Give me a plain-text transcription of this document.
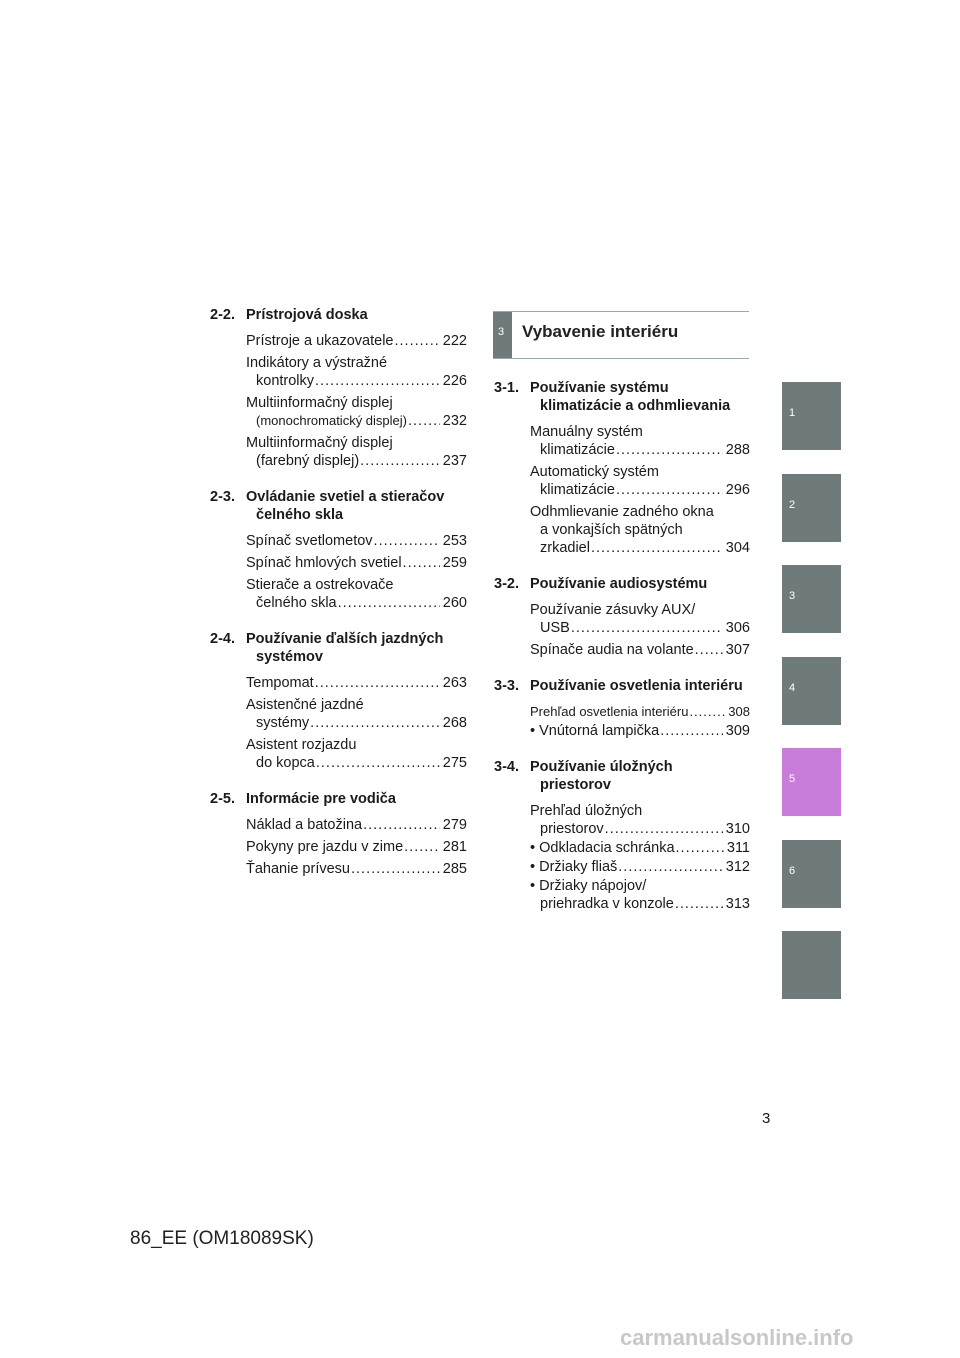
2-2. Prístrojová doska
Prístroje a ukazovatele .....	222
Indikátory a výstražné
kontrolky .....	226
Multiinformačný displej
(monochromatický displej) ..... 232
Multiinformačný displej
(farebný displej) .....	237
2-3. Ovládanie svetiel a stieračov
čelného skla
Spínač svetlometov .....	253
Spínač hmlových svetiel .....	259
Stierače a ostrekovače
čelného skla .....	260
2-4. Používanie ďalších jazdných
systémov
Tempomat .....	263
Asistenčné jazdné
systémy .....	268
Asistent rozjazdu
do kopca .....	275
2-5. Informácie pre vodiča
Náklad a batožina .....	279
Pokyny pre jazdu v zime .....	281
Ťahanie prívesu .....	285
3 Vybavenie interiéru
3-1. Používanie systému
klimatizácie a odhmlievania
Manuálny systém
klimatizácie .....	288
Automatický systém
klimatizácie .....	296
Odhmlievanie zadného okna
a vonkajších spätných
zrkadiel .....	304
3-2. Používanie audiosystému
Používanie zásuvky AUX/
USB .....	306
Spínače audia na volante ..... 307
3-3. Používanie osvetlenia interiéru
Prehľad osvetlenia interiéru .....	308
• Vnútorná lampička .....	309
3-4. Používanie úložných
priestorov
Prehľad úložných
priestorov .....	310
• Odkladacia schránka .....	311
• Držiaky fliaš .....	312
• Držiaky nápojov/
priehradka v konzole .....	313
1
2
3
4
5
6
3
86_EE (OM18089SK)
carmanualsonline.info
